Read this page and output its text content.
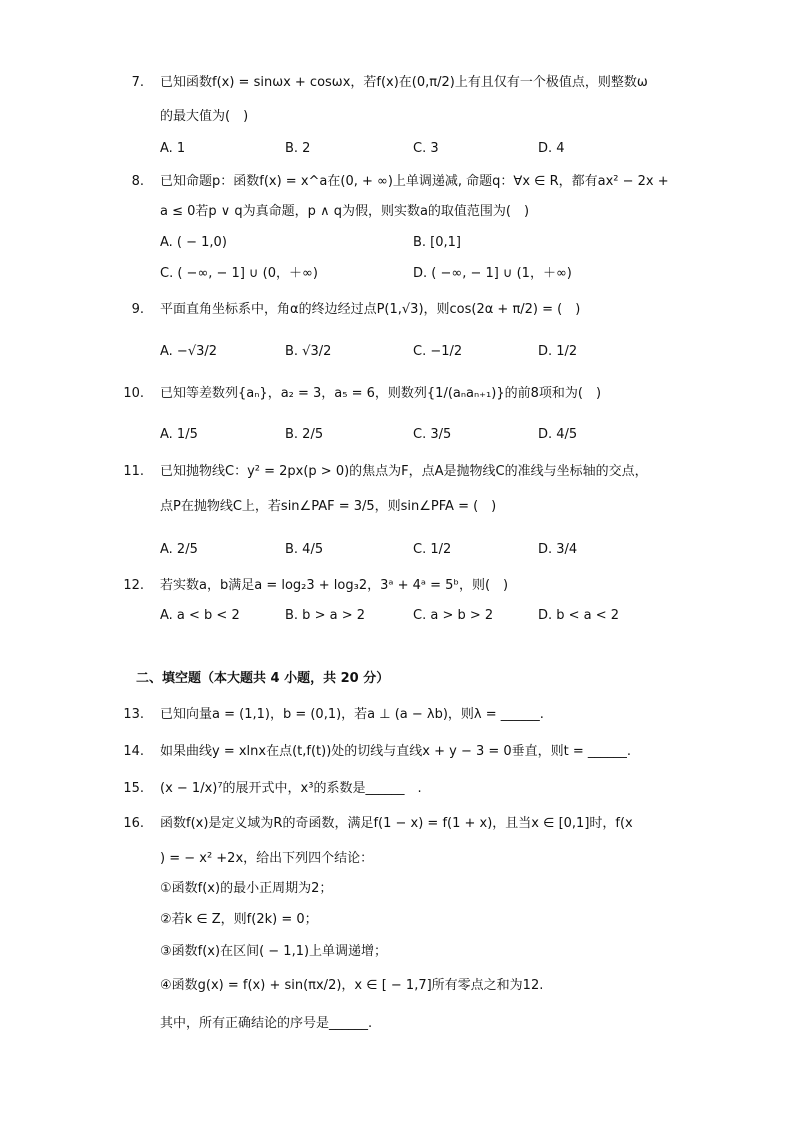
7. 已知函数f(x) = sinωx + cosωx，若f(x)在(0,π/2)上有且仅有一个极值点，则整数ω
的最大值为(　)
A. 1	B. 2	C. 3	D. 4
8. 已知命题p：函数f(x) = x^a在(0, + ∞)上单调递减, 命题q：∀x ∈ R，都有ax² − 2x +
a ≤ 0若p ∨ q为真命题，p ∧ q为假，则实数a的取值范围为(　)
A. ( − 1,0)	B. [0,1]
C. ( −∞, − 1] ∪ (0，＋∞)	D. ( −∞, − 1] ∪ (1，＋∞)
9. 平面直角坐标系中，角α的终边经过点P(1,√3)，则cos(2α + π/2) = (　)
A. −√3/2	B. √3/2	C. −1/2	D. 1/2
10. 已知等差数列{aₙ}，a₂ = 3，a₅ = 6，则数列{1/(aₙaₙ₊₁)}的前8项和为(　)
A. 1/5	B. 2/5	C. 3/5	D. 4/5
11. 已知抛物线C：y² = 2px(p > 0)的焦点为F，点A是抛物线C的准线与坐标轴的交点，
点P在抛物线C上，若sin∠PAF = 3/5，则sin∠PFA = (　)
A. 2/5	B. 4/5	C. 1/2	D. 3/4
12. 若实数a，b满足a = log₂3 + log₃2，3ᵃ + 4ᵃ = 5ᵇ，则(　)
A. a < b < 2	B. b > a > 2	C. a > b > 2	D. b < a < 2
二、填空题（本大题共 4 小题，共 20 分）
13. 已知向量a = (1,1)，b = (0,1)，若a ⊥ (a − λb)，则λ = ______.
14. 如果曲线y = xlnx在点(t,f(t))处的切线与直线x + y − 3 = 0垂直，则t = ______.
15. (x − 1/x)⁷的展开式中，x³的系数是______　.
16. 函数f(x)是定义域为R的奇函数，满足f(1 − x) = f(1 + x)，且当x ∈ [0,1]时，f(x
) = − x² +2x，给出下列四个结论：
①函数f(x)的最小正周期为2；
②若k ∈ Z，则f(2k) = 0；
③函数f(x)在区间( − 1,1)上单调递增；
④函数g(x) = f(x) + sin(πx/2)，x ∈ [ − 1,7]所有零点之和为12.
其中，所有正确结论的序号是______.
